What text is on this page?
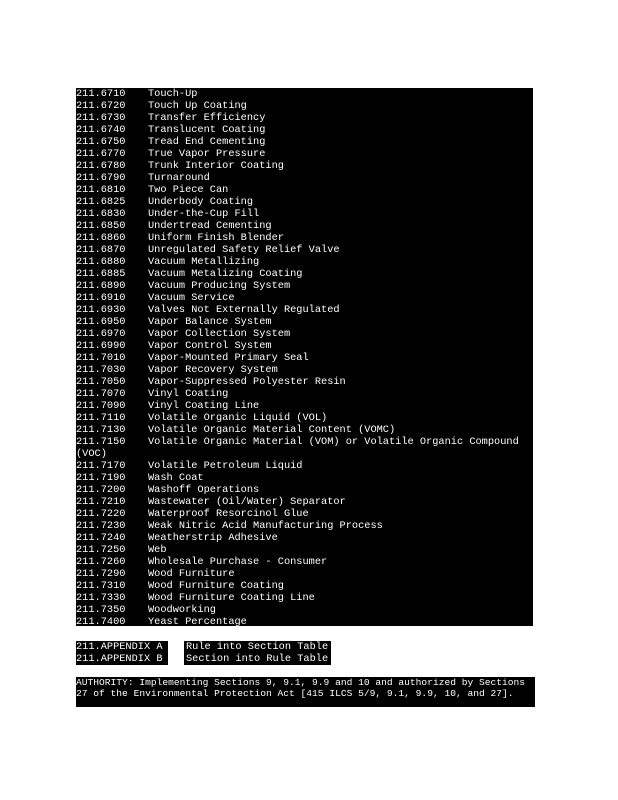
211.6710	Touch-Up
211.6720	Touch Up Coating
211.6730	Transfer Efficiency
211.6740	Translucent Coating
211.6750	Tread End Cementing
211.6770	True Vapor Pressure
211.6780	Trunk Interior Coating
211.6790	Turnaround
211.6810	Two Piece Can
211.6825	Underbody Coating
211.6830	Under-the-Cup Fill
211.6850	Undertread Cementing
211.6860	Uniform Finish Blender
211.6870	Unregulated Safety Relief Valve
211.6880	Vacuum Metallizing
211.6885	Vacuum Metalizing Coating
211.6890	Vacuum Producing System
211.6910	Vacuum Service
211.6930	Valves Not Externally Regulated
211.6950	Vapor Balance System
211.6970	Vapor Collection System
211.6990	Vapor Control System
211.7010	Vapor-Mounted Primary Seal
211.7030	Vapor Recovery System
211.7050	Vapor-Suppressed Polyester Resin
211.7070	Vinyl Coating
211.7090	Vinyl Coating Line
211.7110	Volatile Organic Liquid (VOL)
211.7130	Volatile Organic Material Content (VOMC)
211.7150	Volatile Organic Material (VOM) or Volatile Organic Compound
(VOC)
211.7170	Volatile Petroleum Liquid
211.7190	Wash Coat
211.7200	Washoff Operations
211.7210	Wastewater (Oil/Water) Separator
211.7220	Waterproof Resorcinol Glue
211.7230	Weak Nitric Acid Manufacturing Process
211.7240	Weatherstrip Adhesive
211.7250	Web
211.7260	Wholesale Purchase - Consumer
211.7290	Wood Furniture
211.7310	Wood Furniture Coating
211.7330	Wood Furniture Coating Line
211.7350	Woodworking
211.7400	Yeast Percentage
211.APPENDIX A Rule into Section Table
211.APPENDIX B Section into Rule Table
AUTHORITY: Implementing Sections 9, 9.1, 9.9 and 10 and authorized by Sections 27 of the Environmental Protection Act [415 ILCS 5/9, 9.1, 9.9, 10, and 27].
